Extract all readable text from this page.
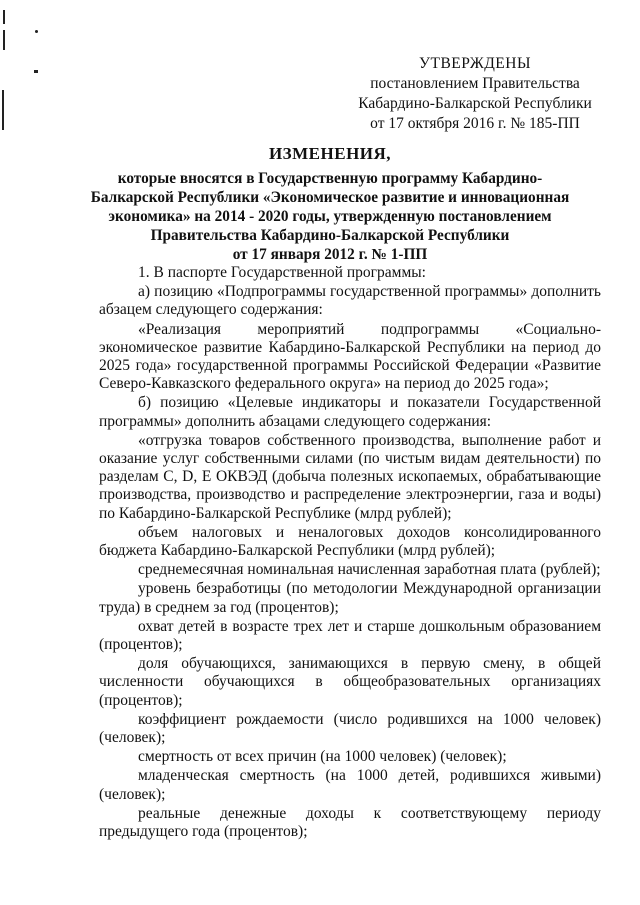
УТВЕРЖДЕНЫ
постановлением Правительства
Кабардино-Балкарской Республики
от 17 октября 2016 г. № 185-ПП
ИЗМЕНЕНИЯ,
которые вносятся в Государственную программу Кабардино-
Балкарской Республики «Экономическое развитие и инновационная
экономика» на 2014 - 2020 годы, утвержденную постановлением
Правительства Кабардино-Балкарской Республики
от 17 января 2012 г. № 1-ПП

1. В паспорте Государственной программы:

а) позицию «Подпрограммы государственной программы» дополнить абзацем следующего содержания:

«Реализация мероприятий подпрограммы «Социально-экономическое развитие Кабардино-Балкарской Республики на период до 2025 года» государственной программы Российской Федерации «Развитие Северо-Кавказского федерального округа» на период до 2025 года»;

б) позицию «Целевые индикаторы и показатели Государственной программы» дополнить абзацами следующего содержания:

«отгрузка товаров собственного производства, выполнение работ и оказание услуг собственными силами (по чистым видам деятельности) по разделам C, D, E ОКВЭД (добыча полезных ископаемых, обрабатывающие производства, производство и распределение электроэнергии, газа и воды) по Кабардино-Балкарской Республике (млрд рублей);

объем налоговых и неналоговых доходов консолидированного бюджета Кабардино-Балкарской Республики (млрд рублей);

среднемесячная номинальная начисленная заработная плата (рублей);

уровень безработицы (по методологии Международной организации труда) в среднем за год (процентов);

охват детей в возрасте трех лет и старше дошкольным образованием (процентов);

доля обучающихся, занимающихся в первую смену, в общей численности обучающихся в общеобразовательных организациях (процентов);

коэффициент рождаемости (число родившихся на 1000 человек) (человек);

смертность от всех причин (на 1000 человек) (человек);

младенческая смертность (на 1000 детей, родившихся живыми) (человек);

реальные денежные доходы к соответствующему периоду предыдущего года (процентов);
